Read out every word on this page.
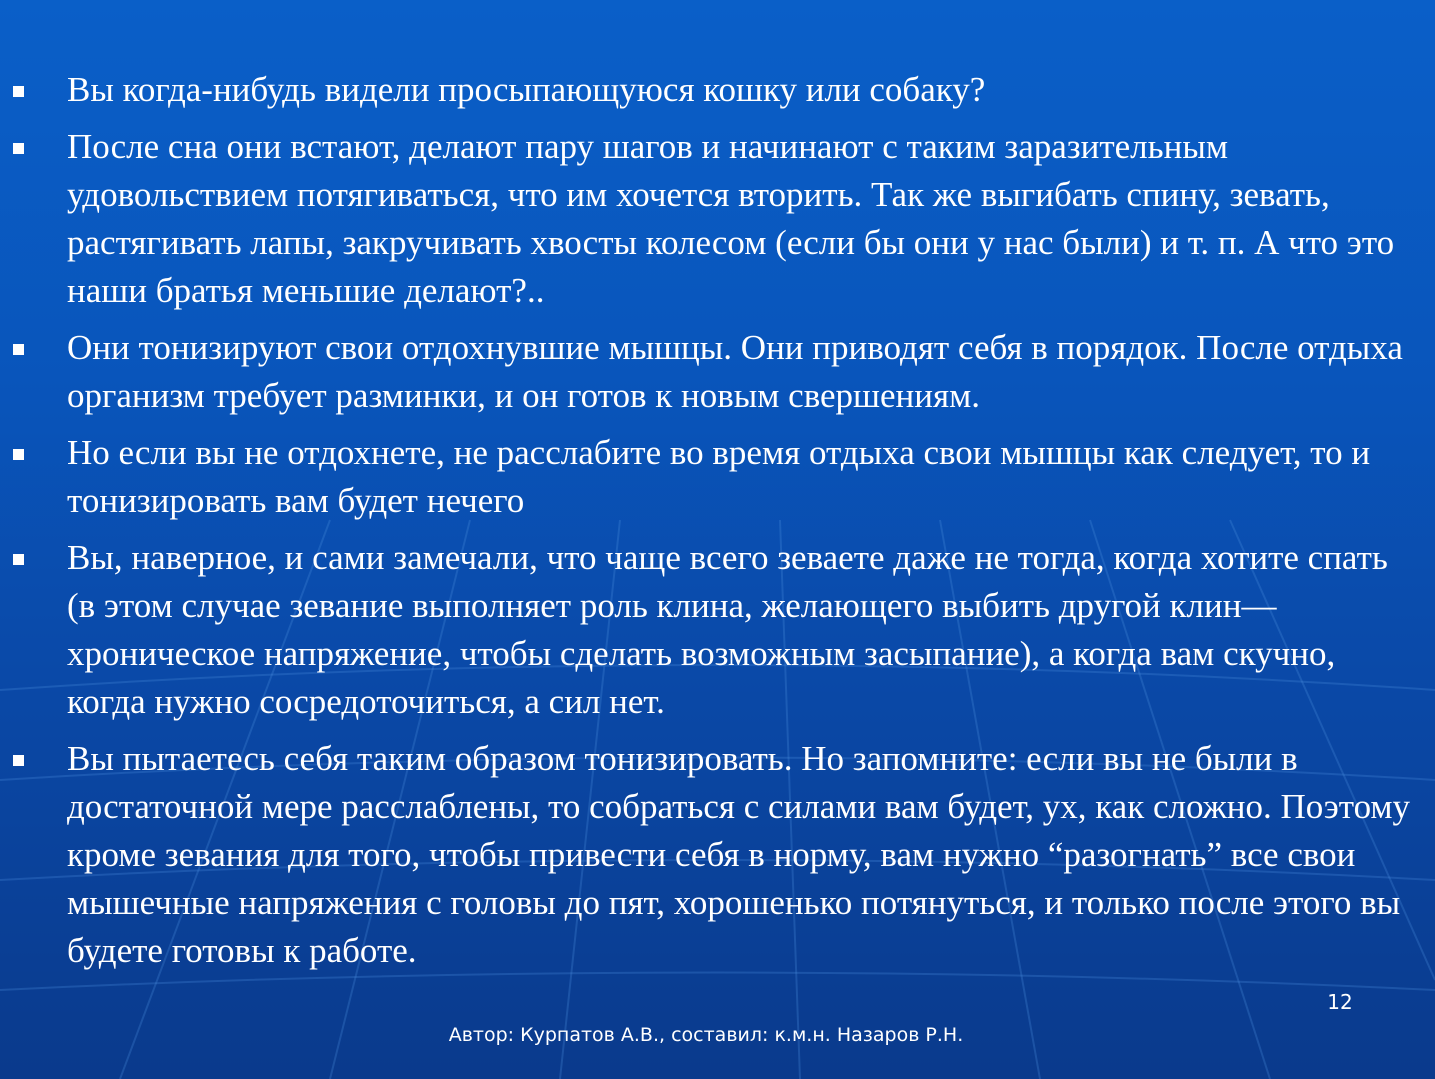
Вы когда-нибудь видели просыпающуюся кошку или собаку?
После сна они встают, делают пару шагов и начинают с таким заразительным удовольствием потягиваться, что им хочется вторить. Так же выгибать спину, зевать, растягивать лапы, закручивать хвосты колесом (если бы они у нас были) и т. п. А что это наши братья меньшие делают?..
Они тонизируют свои отдохнувшие мышцы. Они приводят себя в порядок. После отдыха организм требует разминки, и он готов к новым свершениям.
Но если вы не отдохнете, не расслабите во время отдыха свои мышцы как следует, то и тонизировать вам будет нечего
Вы, наверное, и сами замечали, что чаще всего зеваете даже не тогда, когда хотите спать (в этом случае зевание выполняет роль клина, желающего выбить другой клин—хроническое напряжение, чтобы сделать возможным засыпание), а когда вам скучно, когда нужно сосредоточиться, а сил нет.
Вы пытаетесь себя таким образом тонизировать. Но запомните: если вы не были в достаточной мере расслаблены, то собраться с силами вам будет, ух, как сложно. Поэтому кроме зевания для того, чтобы привести себя в норму, вам нужно “разогнать” все свои мышечные напряжения с головы до пят, хорошенько потянуться, и только после этого вы будете готовы к работе.
12
Автор: Курпатов А.В., составил: к.м.н. Назаров Р.Н.
